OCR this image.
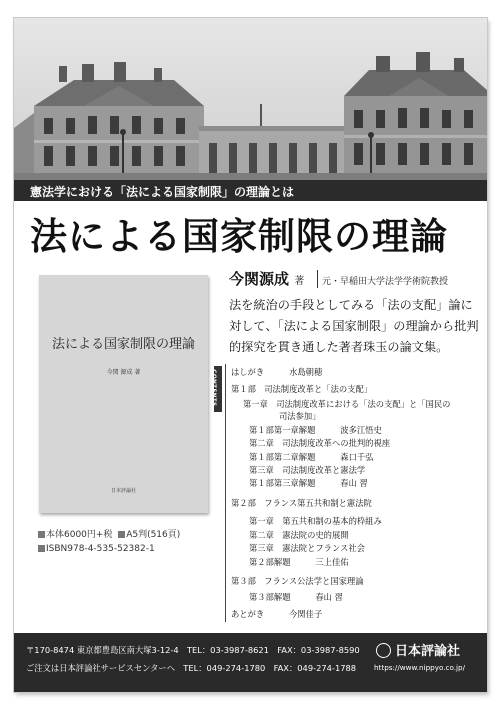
憲法学における「法による国家制限」の理論とは
法による国家制限の理論
法による国家制限の理論
今関 源成 著
日本評論社
本体6000円+税 A5判(516頁)
ISBN978-4-535-52382-1
今関源成 著 元・早稲田大学法学学術院教授
法を統治の手段としてみる「法の支配」論に
対して、「法による国家制限」の理論から批判
的探究を貫き通した著者珠玉の論文集。
CONTENTS はしがき　　　水島朝穂
第１部　司法制度改革と「法の支配」
第一章　司法制度改革における「法の支配」と「国民の
司法参加」
第１部第一章解題　　　波多江悟史
第二章　司法制度改革への批判的視座
第１部第二章解題　　　森口千弘
第三章　司法制度改革と憲法学
第１部第三章解題　　　春山 習
第２部　フランス第五共和制と憲法院
第一章　第五共和制の基本的枠組み
第二章　憲法院の史的展開
第三章　憲法院とフランス社会
第２部解題　　　三上佳佑
第３部　フランス公法学と国家理論
第３部解題　　　春山 習
あとがき　　　今関佳子
〒170-8474 東京都豊島区南大塚3-12-4　TEL：03-3987-8621　FAX：03-3987-8590
ご注文は日本評論社サービスセンターへ　TEL：049-274-1780　FAX：049-274-1788
日本評論社
https://www.nippyo.co.jp/
